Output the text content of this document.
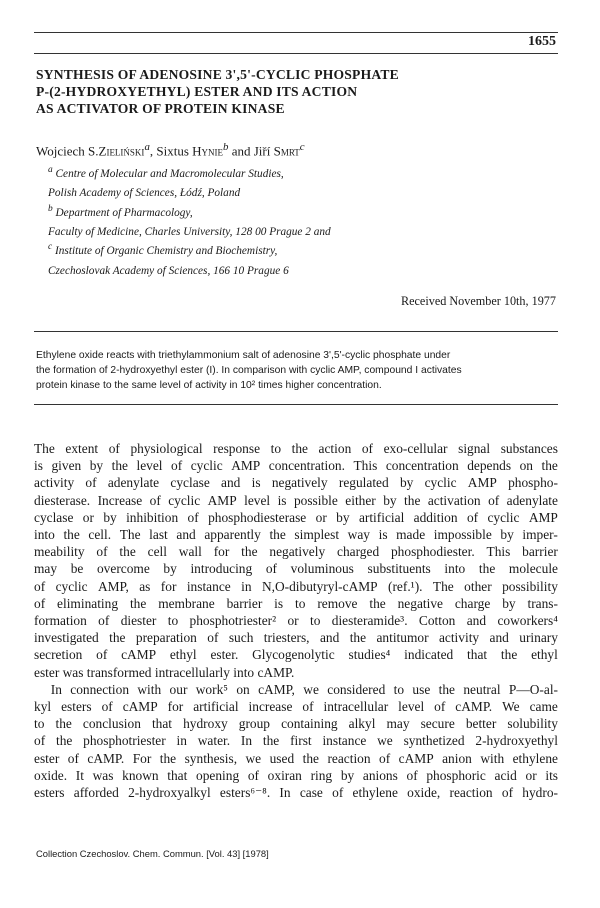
1655
SYNTHESIS OF ADENOSINE 3',5'-CYCLIC PHOSPHATE
P-(2-HYDROXYETHYL) ESTER AND ITS ACTION
AS ACTIVATOR OF PROTEIN KINASE
Wojciech S.Zieliński$^a$, Sixtus Hynie$^b$ and Jiří Smrt$^c$
$^a$ Centre of Molecular and Macromolecular Studies,
Polish Academy of Sciences, Łódź, Poland
$^b$ Department of Pharmacology,
Faculty of Medicine, Charles University, 128 00 Prague 2 and
$^c$ Institute of Organic Chemistry and Biochemistry,
Czechoslovak Academy of Sciences, 166 10 Prague 6
Received November 10th, 1977
Ethylene oxide reacts with triethylammonium salt of adenosine 3',5'-cyclic phosphate under
the formation of 2-hydroxyethyl ester (I). In comparison with cyclic AMP, compound I activates
protein kinase to the same level of activity in 10² times higher concentration.
The extent of physiological response to the action of exo-cellular signal substances
is given by the level of cyclic AMP concentration. This concentration depends on the
activity of adenylate cyclase and is negatively regulated by cyclic AMP phospho-
diesterase. Increase of cyclic AMP level is possible either by the activation of adenylate
cyclase or by inhibition of phosphodiesterase or by artificial addition of cyclic AMP
into the cell. The last and apparently the simplest way is made impossible by imper-
meability of the cell wall for the negatively charged phosphodiester. This barrier
may be overcome by introducing of voluminous substituents into the molecule
of cyclic AMP, as for instance in N,O-dibutyryl-cAMP (ref.¹). The other possibility
of eliminating the membrane barrier is to remove the negative charge by trans-
formation of diester to phosphotriester² or to diesteramide³. Cotton and coworkers⁴
investigated the preparation of such triesters, and the antitumor activity and urinary
secretion of cAMP ethyl ester. Glycogenolytic studies⁴ indicated that the ethyl
ester was transformed intracellularly into cAMP.
In connection with our work⁵ on cAMP, we considered to use the neutral P—O-al-
kyl esters of cAMP for artificial increase of intracellular level of cAMP. We came
to the conclusion that hydroxy group containing alkyl may secure better solubility
of the phosphotriester in water. In the first instance we synthetized 2-hydroxyethyl
ester of cAMP. For the synthesis, we used the reaction of cAMP anion with ethylene
oxide. It was known that opening of oxiran ring by anions of phosphoric acid or its
esters afforded 2-hydroxyalkyl esters⁶⁻⁸. In case of ethylene oxide, reaction of hydro-
Collection Czechoslov. Chem. Commun. [Vol. 43] [1978]
